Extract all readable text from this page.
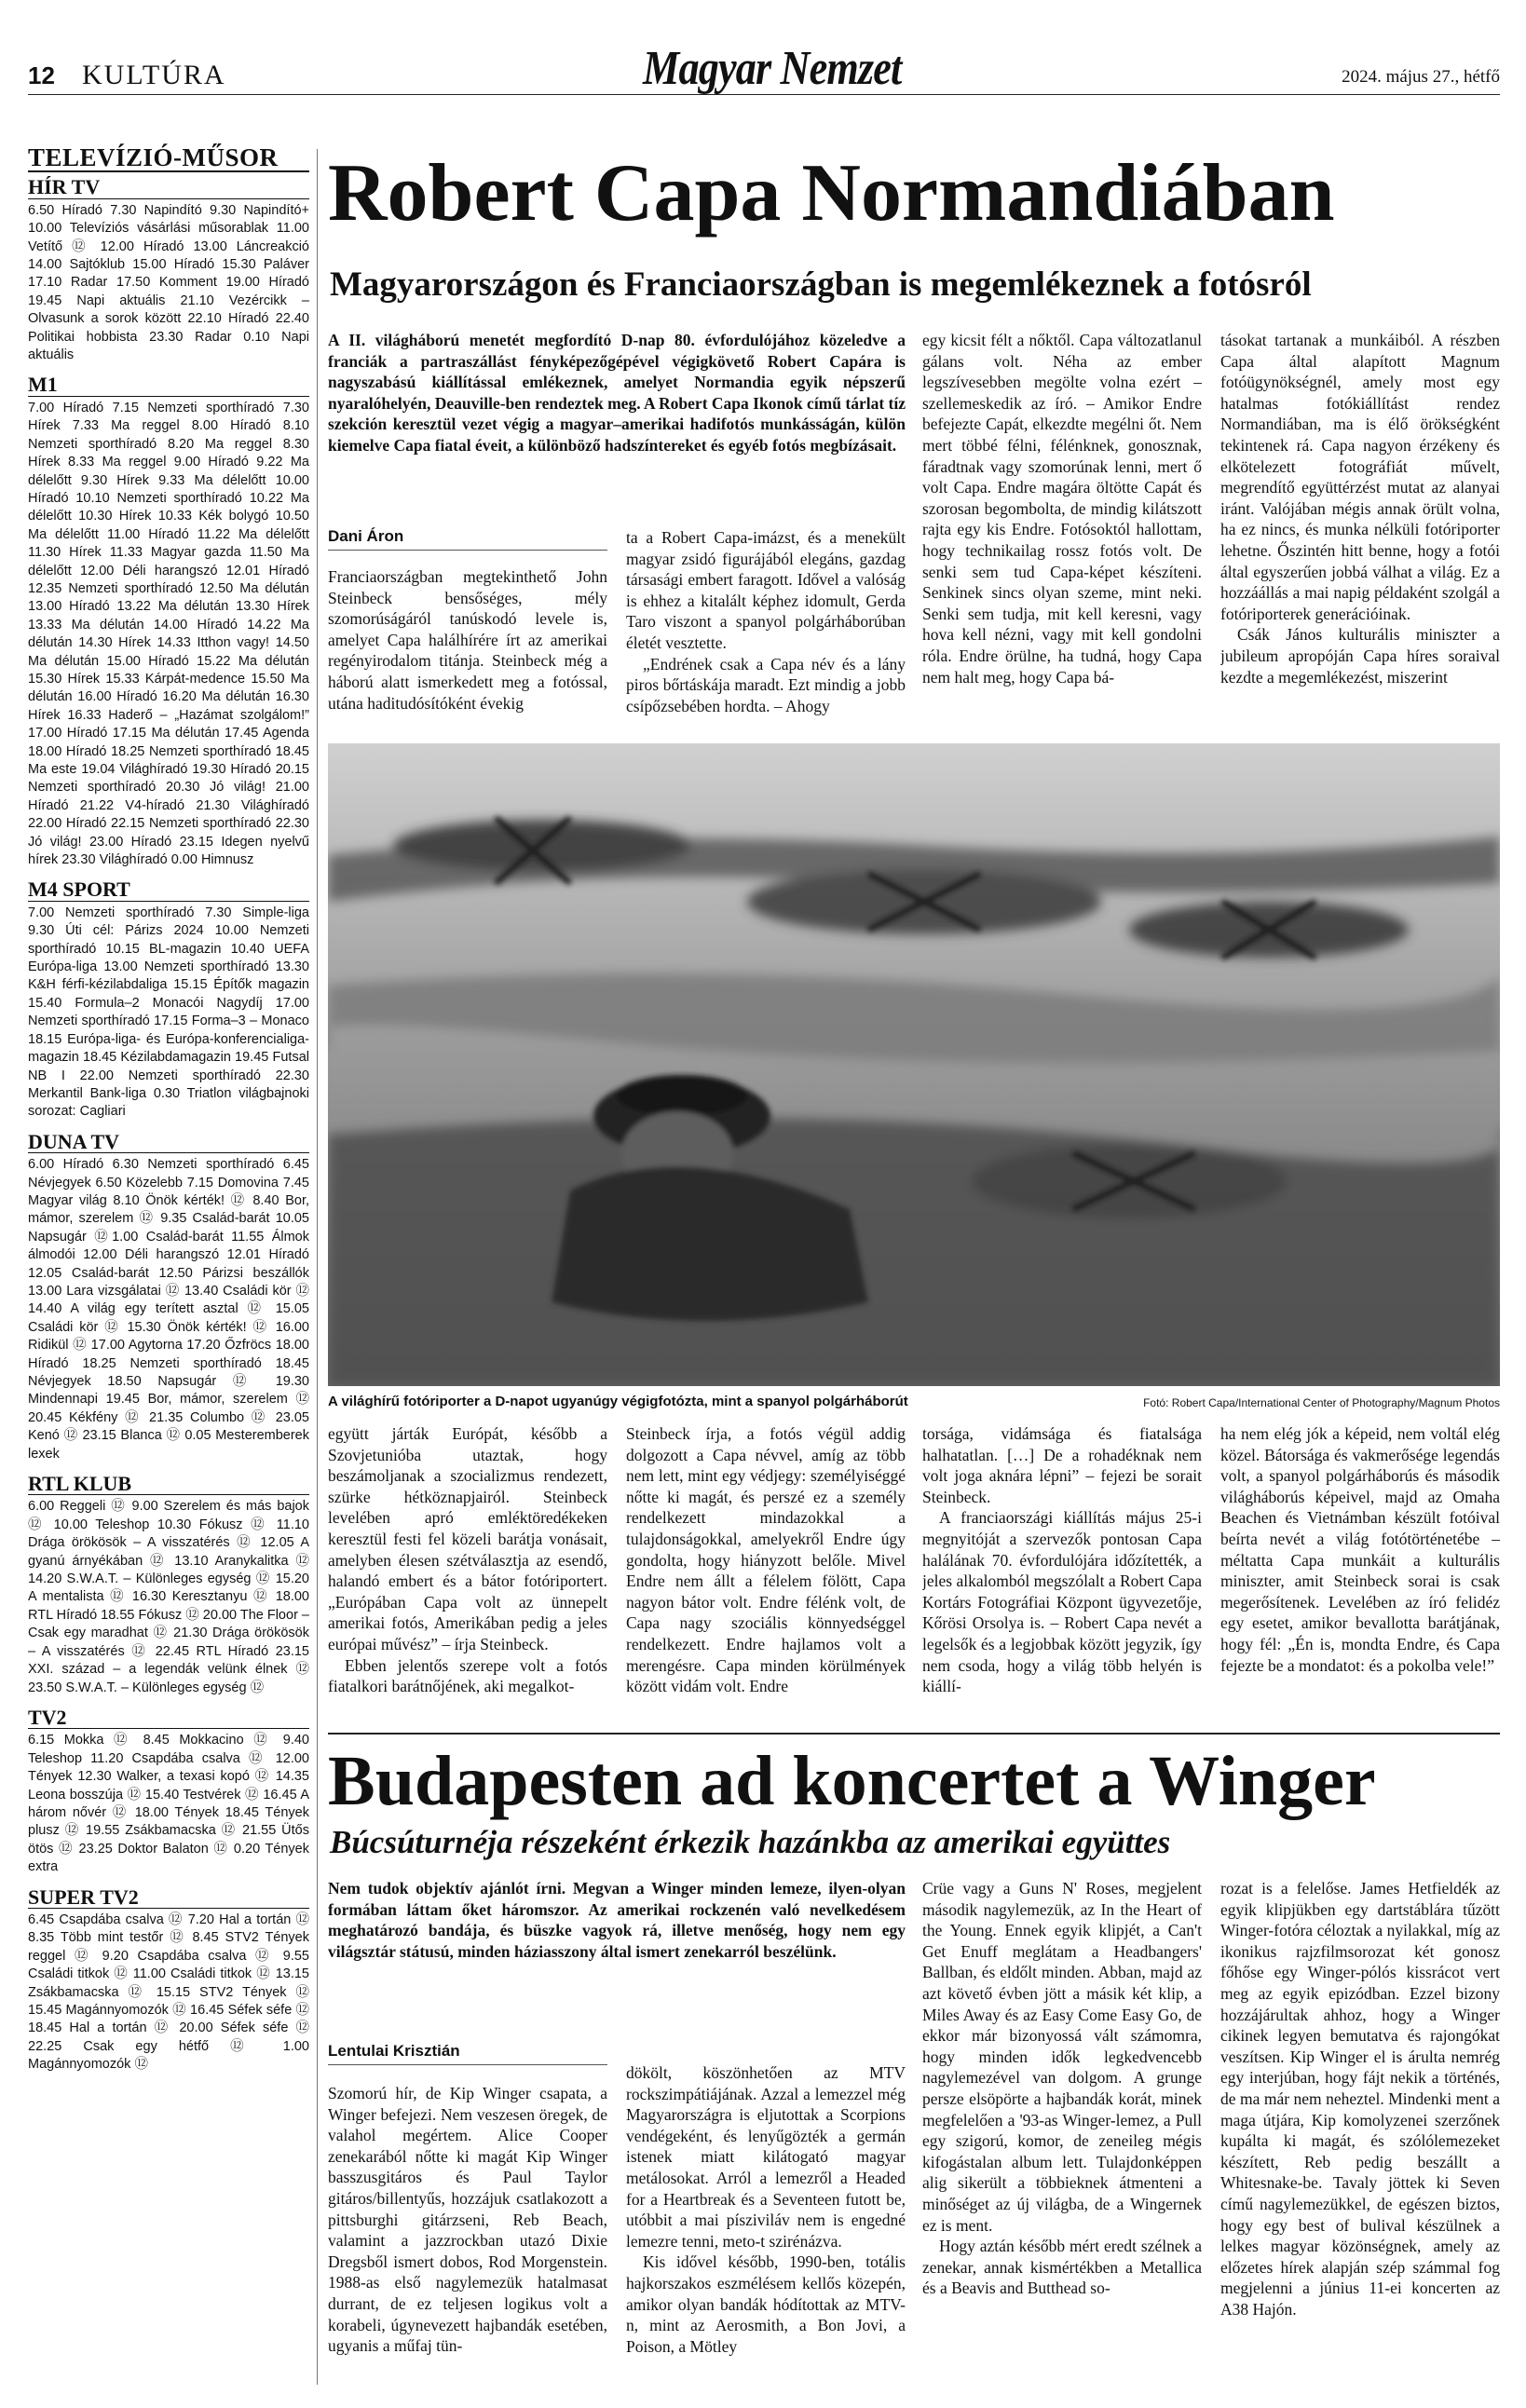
12 KULTÚRA	Magyar Nemzet	2024. május 27., hétfő
TELEVÍZIÓ-MŰSOR
HÍR TV
6.50 Híradó 7.30 Napindító 9.30 Napindító+ 10.00 Televíziós vásárlási műsorablak 11.00 Vetítő ⑫ 12.00 Híradó 13.00 Láncreakció 14.00 Sajtóklub 15.00 Híradó 15.30 Paláver 17.10 Radar 17.50 Komment 19.00 Híradó 19.45 Napi aktuális 21.10 Vezércikk – Olvasunk a sorok között 22.10 Híradó 22.40 Politikai hobbista 23.30 Radar 0.10 Napi aktuális
M1
7.00 Híradó 7.15 Nemzeti sporthíradó 7.30 Hírek 7.33 Ma reggel 8.00 Híradó 8.10 Nemzeti sporthíradó 8.20 Ma reggel 8.30 Hírek 8.33 Ma reggel 9.00 Híradó 9.22 Ma délelőtt 9.30 Hírek 9.33 Ma délelőtt 10.00 Híradó 10.10 Nemzeti sporthíradó 10.22 Ma délelőtt 10.30 Hírek 10.33 Kék bolygó 10.50 Ma délelőtt 11.00 Híradó 11.22 Ma délelőtt 11.30 Hírek 11.33 Magyar gazda 11.50 Ma délelőtt 12.00 Déli harangszó 12.01 Híradó 12.35 Nemzeti sporthíradó 12.50 Ma délután 13.00 Híradó 13.22 Ma délután 13.30 Hírek 13.33 Ma délután 14.00 Híradó 14.22 Ma délután 14.30 Hírek 14.33 Itthon vagy! 14.50 Ma délután 15.00 Híradó 15.22 Ma délután 15.30 Hírek 15.33 Kárpát-medence 15.50 Ma délután 16.00 Híradó 16.20 Ma délután 16.30 Hírek 16.33 Haderő – „Hazámat szolgálom!” 17.00 Híradó 17.15 Ma délután 17.45 Agenda 18.00 Híradó 18.25 Nemzeti sporthíradó 18.45 Ma este 19.04 Világhíradó 19.30 Híradó 20.15 Nemzeti sporthíradó 20.30 Jó világ! 21.00 Híradó 21.22 V4-híradó 21.30 Világhíradó 22.00 Híradó 22.15 Nemzeti sporthíradó 22.30 Jó világ! 23.00 Híradó 23.15 Idegen nyelvű hírek 23.30 Világhíradó 0.00 Himnusz
M4 SPORT
7.00 Nemzeti sporthíradó 7.30 Simple-liga 9.30 Úti cél: Párizs 2024 10.00 Nemzeti sporthíradó 10.15 BL-magazin 10.40 UEFA Európa-liga 13.00 Nemzeti sporthíradó 13.30 K&H férfi-kézilabdaliga 15.15 Építők magazin 15.40 Formula–2 Monacói Nagydíj 17.00 Nemzeti sporthíradó 17.15 Forma–3 – Monaco 18.15 Európa-liga- és Európa-konferencialiga-magazin 18.45 Kézilabdamagazin 19.45 Futsal NB I 22.00 Nemzeti sporthíradó 22.30 Merkantil Bank-liga 0.30 Triatlon világbajnoki sorozat: Cagliari
DUNA TV
6.00 Híradó 6.30 Nemzeti sporthíradó 6.45 Névjegyek 6.50 Közelebb 7.15 Domovina 7.45 Magyar világ 8.10 Önök kérték! ⑫ 8.40 Bor, mámor, szerelem ⑫ 9.35 Család-barát 10.05 Napsugár ⑫1.00 Család-barát 11.55 Álmok álmodói 12.00 Déli harangszó 12.01 Híradó 12.05 Család-barát 12.50 Párizsi beszállók 13.00 Lara vizsgálatai ⑫ 13.40 Családi kör ⑫ 14.40 A világ egy terített asztal ⑫ 15.05 Családi kör ⑫ 15.30 Önök kérték! ⑫ 16.00 Ridikül ⑫ 17.00 Agytorna 17.20 Őzfröcs 18.00 Híradó 18.25 Nemzeti sporthíradó 18.45 Névjegyek 18.50 Napsugár ⑫ 19.30 Mindennapi 19.45 Bor, mámor, szerelem ⑫ 20.45 Kékfény ⑫ 21.35 Columbo ⑫ 23.05 Kenó ⑫ 23.15 Blanca ⑫ 0.05 Mesteremberek lexek
RTL KLUB
6.00 Reggeli ⑫ 9.00 Szerelem és más bajok ⑫ 10.00 Teleshop 10.30 Fókusz ⑫ 11.10 Drága örökösök – A visszatérés ⑫ 12.05 A gyanú árnyékában ⑫ 13.10 Aranykalitka ⑫ 14.20 S.W.A.T. – Különleges egység ⑫ 15.20 A mentalista ⑫ 16.30 Keresztanyu ⑫ 18.00 RTL Híradó 18.55 Fókusz ⑫ 20.00 The Floor – Csak egy maradhat ⑫ 21.30 Drága örökösök – A visszatérés ⑫ 22.45 RTL Híradó 23.15 XXI. század – a legendák velünk élnek ⑫ 23.50 S.W.A.T. – Különleges egység ⑫
TV2
6.15 Mokka ⑫ 8.45 Mokkacino ⑫ 9.40 Teleshop 11.20 Csapdába csalva ⑫ 12.00 Tények 12.30 Walker, a texasi kopó ⑫ 14.35 Leona bosszúja ⑫ 15.40 Testvérek ⑫ 16.45 A három nővér ⑫ 18.00 Tények 18.45 Tények plusz ⑫ 19.55 Zsákbamacska ⑫ 21.55 Ütős ötös ⑫ 23.25 Doktor Balaton ⑫ 0.20 Tények extra
SUPER TV2
6.45 Csapdába csalva ⑫ 7.20 Hal a tortán ⑫ 8.35 Több mint testőr ⑫ 8.45 STV2 Tények reggel ⑫ 9.20 Csapdába csalva ⑫ 9.55 Családi titkok ⑫ 11.00 Családi titkok ⑫ 13.15 Zsákbamacska ⑫ 15.15 STV2 Tények ⑫ 15.45 Magánnyomozók ⑫ 16.45 Séfek séfe ⑫ 18.45 Hal a tortán ⑫ 20.00 Séfek séfe ⑫ 22.25 Csak egy hétfő ⑫ 1.00 Magánnyomozók ⑫
Robert Capa Normandiában
Magyarországon és Franciaországban is megemlékeznek a fotósról

A II. világháború menetét megfordító D-nap 80. évfordulójához közeledve a franciák a partraszállást fényképezőgépével végigkövető Robert Capára is nagyszabású kiállítással emlékeznek, amelyet Normandia egyik népszerű nyaralóhelyén, Deauville-ben rendeztek meg. A Robert Capa Ikonok című tárlat tíz szekción keresztül vezet végig a magyar–amerikai hadifotós munkásságán, külön kiemelve Capa fiatal éveit, a különböző hadszíntereket és egyéb fotós megbízásait.

Dani Áron

Franciaországban megtekinthető John Steinbeck bensőséges, mély szomorúságáról tanúskodó levele is, amelyet Capa halálhírére írt az amerikai regényirodalom titánja. Steinbeck még a háború alatt ismerkedett meg a fotóssal, utána haditudósítóként évekig

ta a Robert Capa-imázst, és a menekült magyar zsidó figurájából elegáns, gazdag társasági embert faragott. Idővel a valóság is ehhez a kitalált képhez idomult, Gerda Taro viszont a spanyol polgárháborúban életét vesztette.

„Endrének csak a Capa név és a lány piros bőrtáskája maradt. Ezt mindig a jobb csípőzsebében hordta. – Ahogy

egy kicsit félt a nőktől. Capa változatlanul gálans volt. Néha az ember legszívesebben megölte volna ezért – szellemeskedik az író. – Amikor Endre befejezte Capát, elkezdte megélni őt. Nem mert többé félni, félénknek, gonosznak, fáradtnak vagy szomorúnak lenni, mert ő volt Capa. Endre magára öltötte Capát és szorosan begombolta, de mindig kilátszott rajta egy kis Endre. Fotósoktól hallottam, hogy technikailag rossz fotós volt. De senki sem tud Capa-képet készíteni. Senkinek sincs olyan szeme, mint neki. Senki sem tudja, mit kell keresni, vagy hova kell nézni, vagy mit kell gondolni róla. Endre örülne, ha tudná, hogy Capa nem halt meg, hogy Capa bá-

tásokat tartanak a munkáiból. A részben Capa által alapított Magnum fotóügynökségnél, amely most egy hatalmas fotókiállítást rendez Normandiában, ma is élő örökségként tekintenek rá. Capa nagyon érzékeny és elkötelezett fotográfiát művelt, megrendítő együttérzést mutat az alanyai iránt. Valójában mégis annak örült volna, ha ez nincs, és munka nélküli fotóriporter lehetne. Őszintén hitt benne, hogy a fotói által egyszerűen jobbá válhat a világ. Ez a hozzáállás a mai napig példaként szolgál a fotóriporterek generációinak.

Csák János kulturális miniszter a jubileum apropóján Capa híres soraival kezdte a megemlékezést, miszerint

A világhírű fotóriporter a D-napot ugyanúgy végigfotózta, mint a spanyol polgárháborút	Fotó: Robert Capa/International Center of Photography/Magnum Photos

együtt járták Európát, később a Szovjetunióba utaztak, hogy beszámoljanak a szocializmus rendezett, szürke hétköznapjairól. Steinbeck levelében apró emléktöredékeken keresztül festi fel közeli barátja vonásait, amelyben élesen szétválasztja az esendő, halandó embert és a bátor fotóriportert. „Európában Capa volt az ünnepelt amerikai fotós, Amerikában pedig a jeles európai művész” – írja Steinbeck.

Ebben jelentős szerepe volt a fotós fiatalkori barátnőjének, aki megalkot-

Steinbeck írja, a fotós végül addig dolgozott a Capa névvel, amíg az több nem lett, mint egy védjegy: személyiséggé nőtte ki magát, és perszé ez a személy rendelkezett mindazokkal a tulajdonságokkal, amelyekről Endre úgy gondolta, hogy hiányzott belőle. Mivel Endre nem állt a félelem fölött, Capa nagyon bátor volt. Endre félénk volt, de Capa nagy szociális könnyedséggel rendelkezett. Endre hajlamos volt a merengésre. Capa minden körülmények között vidám volt. Endre

torsága, vidámsága és fiatalsága halhatatlan. […] De a rohadéknak nem volt joga aknára lépni” – fejezi be sorait Steinbeck.

A franciaországi kiállítás május 25-i megnyitóját a szervezők pontosan Capa halálának 70. évfordulójára időzítették, a jeles alkalomból megszólalt a Robert Capa Kortárs Fotográfiai Központ ügyvezetője, Kőrösi Orsolya is. – Robert Capa nevét a legelsők és a legjobbak között jegyzik, így nem csoda, hogy a világ több helyén is kiállí-

ha nem elég jók a képeid, nem voltál elég közel. Bátorsága és vakmerősége legendás volt, a spanyol polgárháborús és második világháborús képeivel, majd az Omaha Beachen és Vietnámban készült fotóival beírta nevét a világ fotótörténetébe – méltatta Capa munkáit a kulturális miniszter, amit Steinbeck sorai is csak megerősítenek. Levelében az író felidéz egy esetet, amikor bevallotta barátjának, hogy fél: „Én is, mondta Endre, és Capa fejezte be a mondatot: és a pokolba vele!”

Budapesten ad koncertet a Winger
Búcsúturnéja részeként érkezik hazánkba az amerikai együttes

Nem tudok objektív ajánlót írni. Megvan a Winger minden lemeze, ilyen-olyan formában láttam őket háromszor. Az amerikai rockzenén való nevelkedésem meghatározó bandája, és büszke vagyok rá, illetve menőség, hogy nem egy világsztár státusú, minden háziasszony által ismert zenekarról beszélünk.

Lentulai Krisztián

Szomorú hír, de Kip Winger csapata, a Winger befejezi. Nem veszesen öregek, de valahol megértem. Alice Cooper zenekarából nőtte ki magát Kip Winger basszusgitáros és Paul Taylor gitáros/billentyűs, hozzájuk csatlakozott a pittsburghi gitárzseni, Reb Beach, valamint a jazzrockban utazó Dixie Dregsből ismert dobos, Rod Morgenstein. 1988-as első nagylemezük hatalmasat durrant, de ez teljesen logikus volt a korabeli, úgynevezett hajbandák esetében, ugyanis a műfaj tün-

dökölt, köszönhetően az MTV rockszimpátiájának. Azzal a lemezzel még Magyarországra is eljutottak a Scorpions vendégeként, és lenyűgözték a germán istenek miatt kilátogató magyar metálosokat. Arról a lemezről a Headed for a Heartbreak és a Seventeen futott be, utóbbit a mai písziviláv nem is engedné lemezre tenni, meto-t szirénázva.

Kis idővel később, 1990-ben, totális hajkorszakos eszmélésem kellős közepén, amikor olyan bandák hódítottak az MTV-n, mint az Aerosmith, a Bon Jovi, a Poison, a Mötley

Crüe vagy a Guns N' Roses, megjelent második nagylemezük, az In the Heart of the Young. Ennek egyik klipjét, a Can't Get Enuff meglátam a Headbangers' Ballban, és eldőlt minden. Abban, majd az azt követő évben jött a másik két klip, a Miles Away és az Easy Come Easy Go, de ekkor már bizonyossá vált számomra, hogy minden idők legkedvencebb nagylemezével van dolgom. A grunge persze elsöpörte a hajbandák korát, minek megfelelően a '93-as Winger-lemez, a Pull egy szigorú, komor, de zeneileg mégis kifogástalan album lett. Tulajdonképpen alig sikerült a többieknek átmenteni a minőséget az új világba, de a Wingernek ez is ment.

Hogy aztán később mért eredt szélnek a zenekar, annak kismértékben a Metallica és a Beavis and Butthead so-

rozat is a felelőse. James Hetfieldék az egyik klipjükben egy dartstáblára tűzött Winger-fotóra céloztak a nyilakkal, míg az ikonikus rajzfilmsorozat két gonosz főhőse egy Winger-pólós kissrácot vert meg az egyik epizódban. Ezzel bizony hozzájárultak ahhoz, hogy a Winger cikinek legyen bemutatva és rajongókat veszítsen. Kip Winger el is árulta nemrég egy interjúban, hogy fájt nekik a történés, de ma már nem neheztel. Mindenki ment a maga útjára, Kip komolyzenei szerzőnek kupálta ki magát, és szólólemezeket készített, Reb pedig beszállt a Whitesnake-be. Tavaly jöttek ki Seven című nagylemezükkel, de egészen biztos, hogy egy best of bulival készülnek a lelkes magyar közönségnek, amely az előzetes hírek alapján szép számmal fog megjelenni a június 11-ei koncerten az A38 Hajón.
